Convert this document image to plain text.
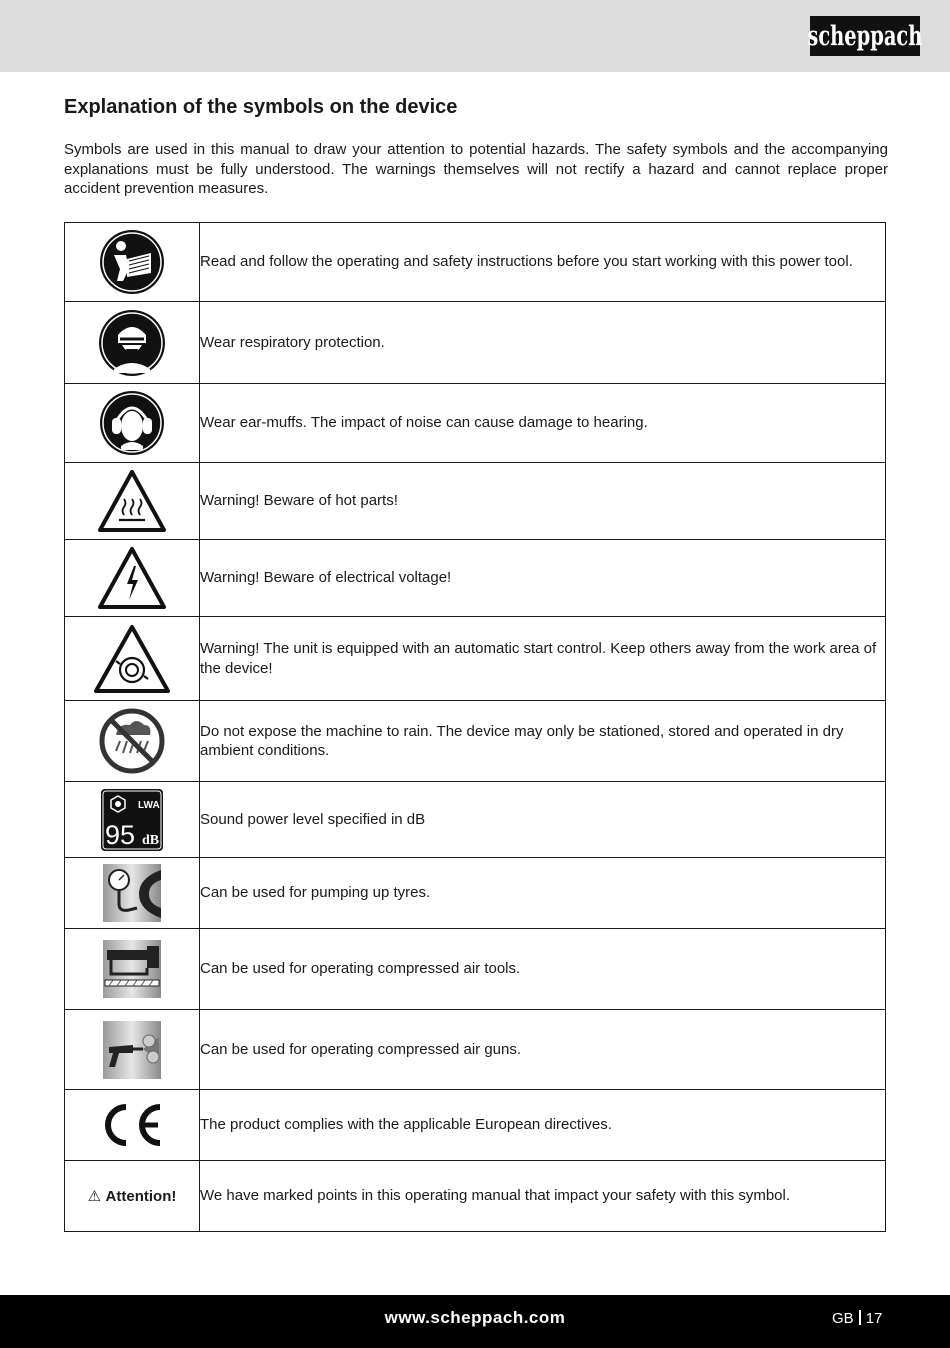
scheppach
Explanation of the symbols on the device

Symbols are used in this manual to draw your attention to potential hazards. The safety symbols and the accompanying explanations must be fully understood. The warnings themselves will not rectify a hazard and cannot replace proper accident prevention measures.

	Read and follow the operating and safety instructions before you start working with this power tool.

	Wear respiratory protection.

	Wear ear-muffs. The impact of noise can cause damage to hearing.

	Warning! Beware of hot parts!

	Warning! Beware of electrical voltage!

	Warning! The unit is equipped with an automatic start control. Keep others away from the work area of the device!

	Do not expose the machine to rain. The device may only be stationed, stored and operated in dry ambient conditions.

LWA
95 dB	Sound power level specified in dB

	Can be used for pumping up tyres.

	Can be used for operating compressed air tools.

	Can be used for operating compressed air guns.

	The product complies with the applicable European directives.
⚠ Attention!	We have marked points in this operating manual that impact your safety with this symbol.
www.scheppach.com	GB 17
